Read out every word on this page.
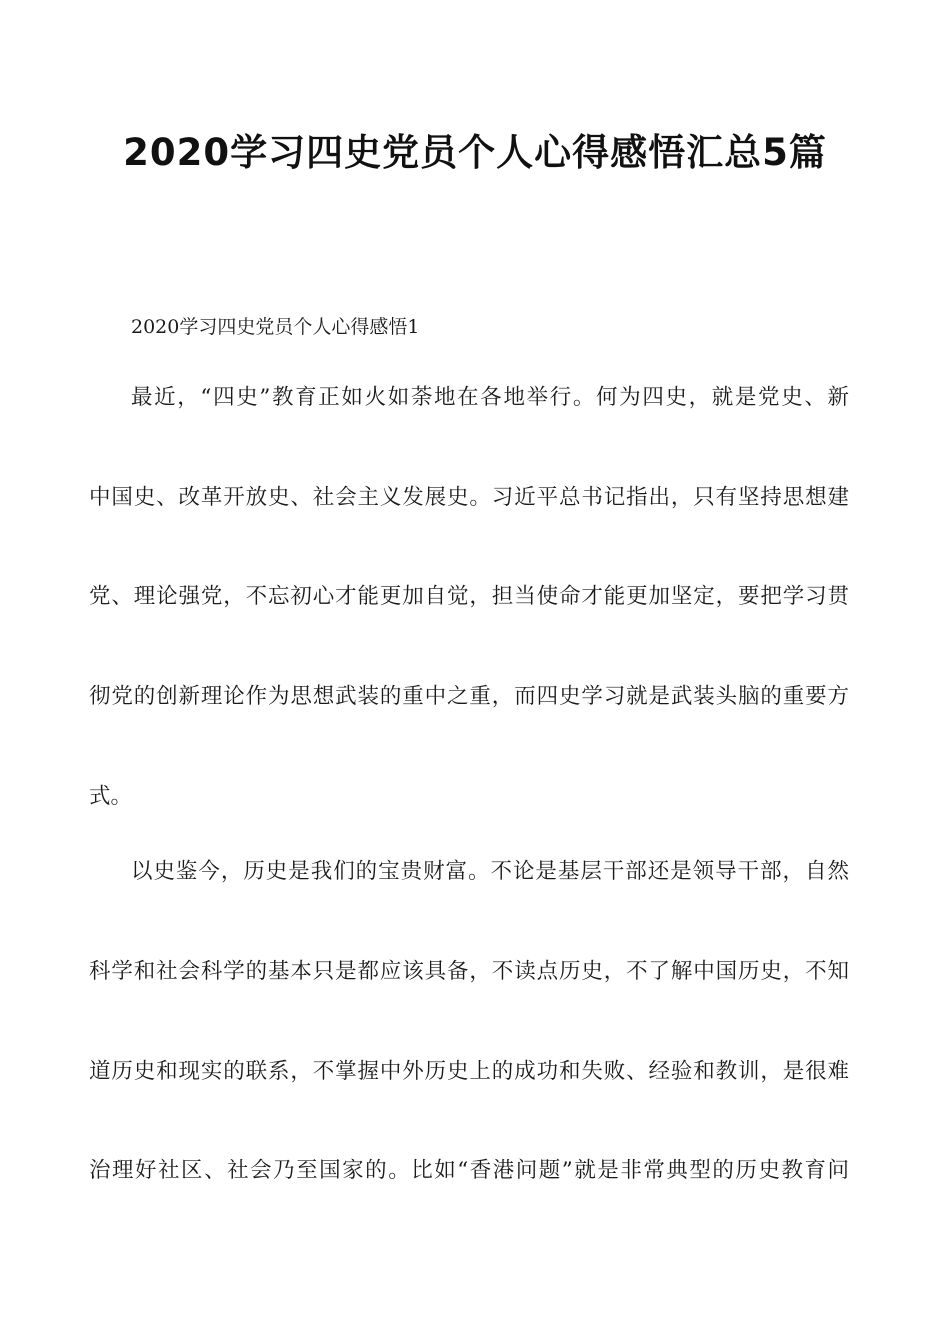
2020学习四史党员个人心得感悟汇总5篇
2020学习四史党员个人心得感悟1
最近，“四史”教育正如火如荼地在各地举行。何为四史，就是党史、新
中国史、改革开放史、社会主义发展史。习近平总书记指出，只有坚持思想建
党、理论强党，不忘初心才能更加自觉，担当使命才能更加坚定，要把学习贯
彻党的创新理论作为思想武装的重中之重，而四史学习就是武装头脑的重要方
式。
以史鉴今，历史是我们的宝贵财富。不论是基层干部还是领导干部，自然
科学和社会科学的基本只是都应该具备，不读点历史，不了解中国历史，不知
道历史和现实的联系，不掌握中外历史上的成功和失败、经验和教训，是很难
治理好社区、社会乃至国家的。比如“香港问题”就是非常典型的历史教育问
